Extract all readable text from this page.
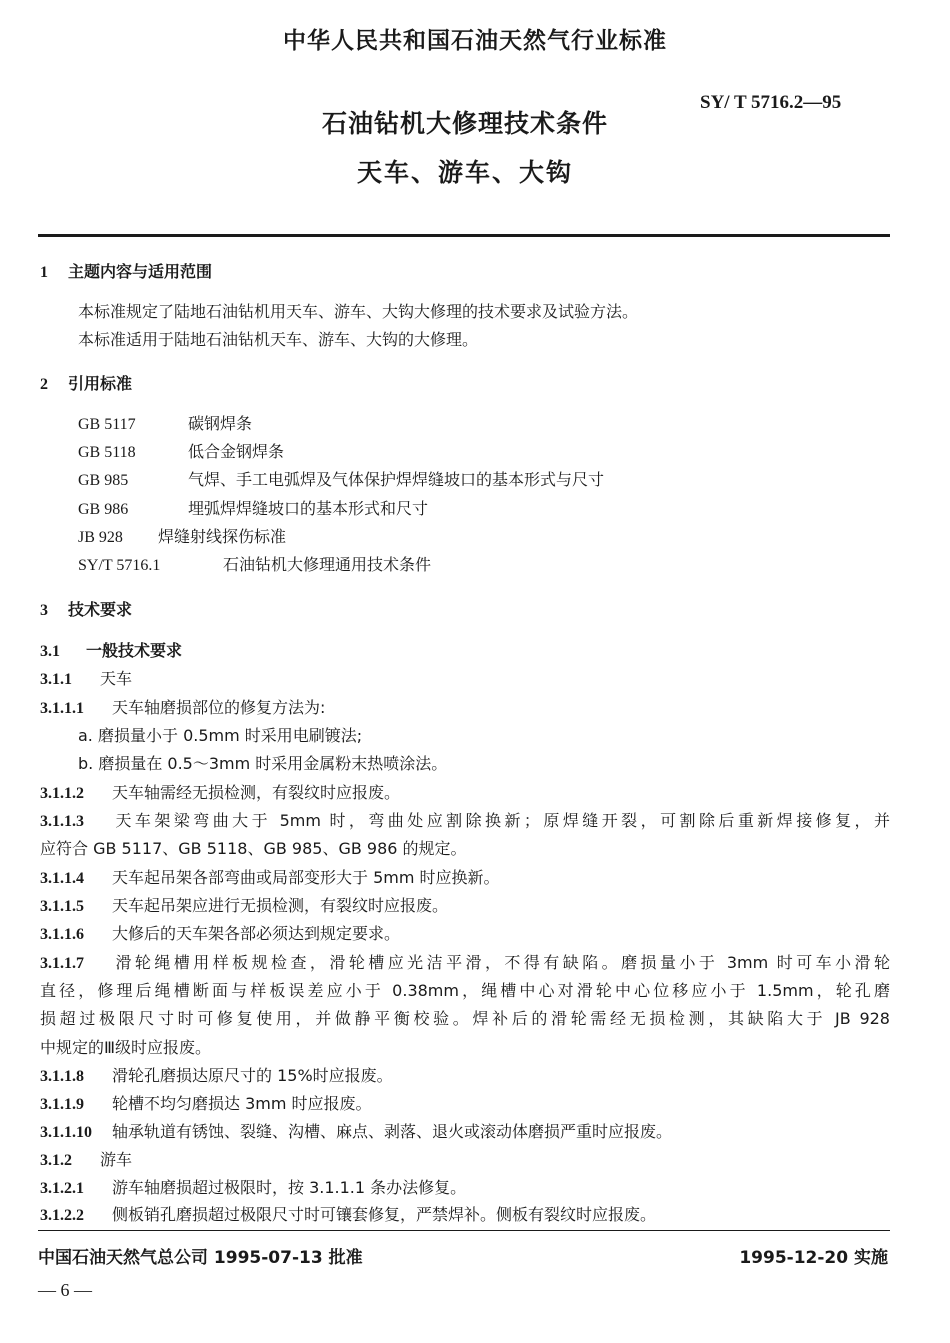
中华人民共和国石油天然气行业标准
SY/ T 5716.2—95
石油钻机大修理技术条件
天车、游车、大钩
1 主题内容与适用范围
本标准规定了陆地石油钻机用天车、游车、大钩大修理的技术要求及试验方法。
本标准适用于陆地石油钻机天车、游车、大钩的大修理。
2 引用标准
GB 5117	碳钢焊条
GB 5118	低合金钢焊条
GB 985	气焊、手工电弧焊及气体保护焊焊缝坡口的基本形式与尺寸
GB 986	埋弧焊焊缝坡口的基本形式和尺寸
JB 928 焊缝射线探伤标准
SY/T 5716.1	石油钻机大修理通用技术条件
3 技术要求
3.1 一般技术要求
3.1.1 天车
3.1.1.1 天车轴磨损部位的修复方法为:
a. 磨损量小于 0.5mm 时采用电刷镀法;
b. 磨损量在 0.5～3mm 时采用金属粉末热喷涂法。
3.1.1.2 天车轴需经无损检测，有裂纹时应报废。
3.1.1.3 天车架梁弯曲大于 5mm 时，弯曲处应割除换新；原焊缝开裂，可割除后重新焊接修复，并
应符合 GB 5117、GB 5118、GB 985、GB 986 的规定。
3.1.1.4 天车起吊架各部弯曲或局部变形大于 5mm 时应换新。
3.1.1.5 天车起吊架应进行无损检测，有裂纹时应报废。
3.1.1.6 大修后的天车架各部必须达到规定要求。
3.1.1.7 滑轮绳槽用样板规检查，滑轮槽应光洁平滑，不得有缺陷。磨损量小于 3mm 时可车小滑轮
直径，修理后绳槽断面与样板误差应小于 0.38mm，绳槽中心对滑轮中心位移应小于 1.5mm，轮孔磨
损超过极限尺寸时可修复使用，并做静平衡校验。焊补后的滑轮需经无损检测，其缺陷大于 JB 928
中规定的Ⅲ级时应报废。
3.1.1.8 滑轮孔磨损达原尺寸的 15%时应报废。
3.1.1.9 轮槽不均匀磨损达 3mm 时应报废。
3.1.1.10 轴承轨道有锈蚀、裂缝、沟槽、麻点、剥落、退火或滚动体磨损严重时应报废。
3.1.2 游车
3.1.2.1 游车轴磨损超过极限时，按 3.1.1.1 条办法修复。
3.1.2.2 侧板销孔磨损超过极限尺寸时可镶套修复，严禁焊补。侧板有裂纹时应报废。
中国石油天然气总公司 1995-07-13 批准	1995-12-20 实施
— 6 —
